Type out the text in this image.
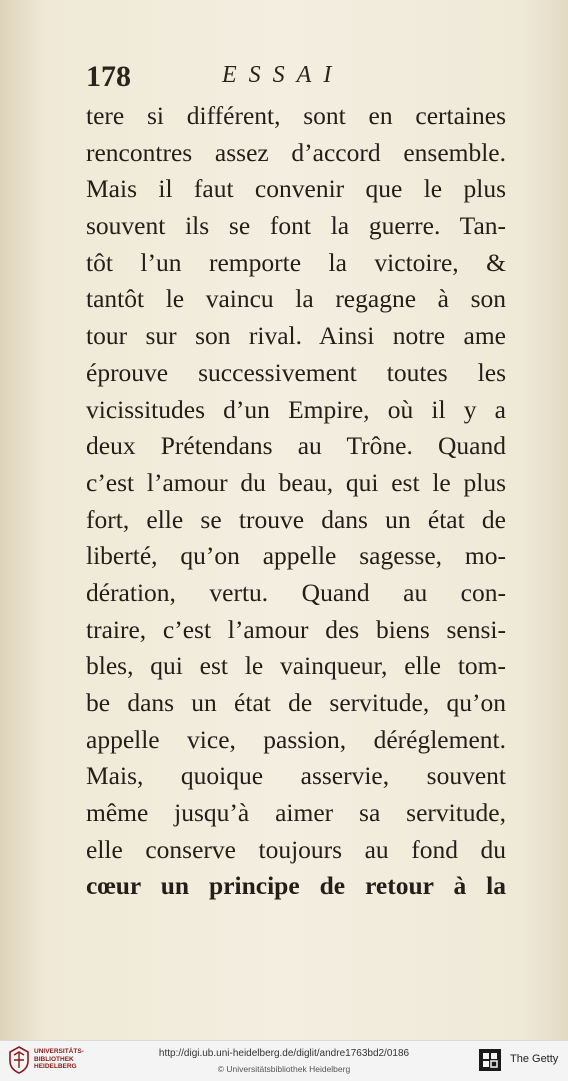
178	ESSAI
tere si différent, sont en certaines
rencontres assez d’accord ensemble.
Mais il faut convenir que le plus
souvent ils se font la guerre. Tan-
tôt l’un remporte la victoire, &
tantôt le vaincu la regagne à son
tour sur son rival. Ainsi notre ame
éprouve successivement toutes les
vicissitudes d’un Empire, où il y a
deux Prétendans au Trône. Quand
c’est l’amour du beau, qui est le plus
fort, elle se trouve dans un état de
liberté, qu’on appelle sagesse, mo-
dération, vertu. Quand au con-
traire, c’est l’amour des biens sensi-
bles, qui est le vainqueur, elle tom-
be dans un état de servitude, qu’on
appelle vice, passion, déréglement.
Mais, quoique asservie, souvent
même jusqu’à aimer sa servitude,
elle conserve toujours au fond du
cœur un principe de retour à la
UNIVERSITÄTS-
BIBLIOTHEK
HEIDELBERG
http://digi.ub.uni-heidelberg.de/diglit/andre1763bd2/0186
© Universitätsbibliothek Heidelberg
The Getty
